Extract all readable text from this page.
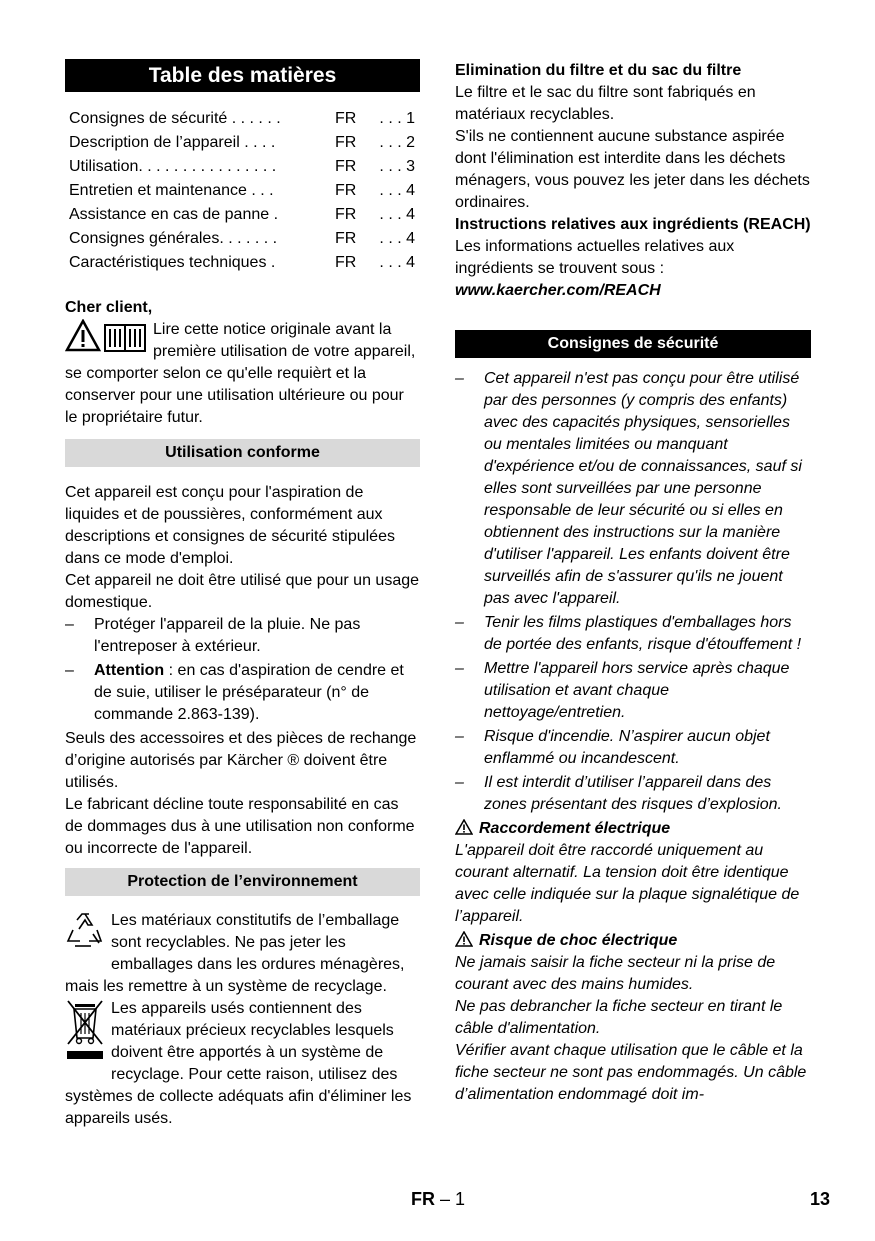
Table des matières
Consignes de sécurité . . . . . .	FR	. . . 1
Description de l’appareil . . . .	FR	. . . 2
Utilisation. . . . . . . . . . . . . . . .	FR	. . . 3
Entretien et maintenance . . .	FR	. . . 4
Assistance en cas de panne .	FR	. . . 4
Consignes générales. . . . . . .	FR	. . . 4
Caractéristiques techniques .	FR	. . . 4

Cher client,

Lire cette notice originale avant la première utilisation de votre appareil, se comporter selon ce qu'elle requièrt et la conserver pour une utilisation ultérieure ou pour le propriétaire futur.

Utilisation conforme

Cet appareil est conçu pour l'aspiration de liquides et de poussières, conformément aux descriptions et consignes de sécurité stipulées dans ce mode d'emploi.

Cet appareil ne doit être utilisé que pour un usage domestique.

– Protéger l'appareil de la pluie. Ne pas l'entreposer à extérieur.
– Attention : en cas d'aspiration de cendre et de suie, utiliser le préséparateur (n° de commande 2.863-139).

Seuls des accessoires et des pièces de rechange d’origine autorisés par Kärcher ® doivent être utilisés.

Le fabricant décline toute responsabilité en cas de dommages dus à une utilisation non conforme ou incorrecte de l'appareil.

Protection de l’environnement

Les matériaux constitutifs de l’emballage sont recyclables. Ne pas jeter les emballages dans les ordures ménagères, mais les remettre à un système de recyclage.

Les appareils usés contiennent des matériaux précieux recyclables lesquels doivent être apportés à un système de recyclage. Pour cette raison, utilisez des systèmes de collecte adéquats afin d'éliminer les appareils usés.

Elimination du filtre et du sac du filtre

Le filtre et le sac du filtre sont fabriqués en matériaux recyclables.

S'ils ne contiennent aucune substance aspirée dont l'élimination est interdite dans les déchets ménagers, vous pouvez les jeter dans les déchets ordinaires.

Instructions relatives aux ingrédients (REACH)

Les informations actuelles relatives aux ingrédients se trouvent sous :

www.kaercher.com/REACH

Consignes de sécurité
– Cet appareil n'est pas conçu pour être utilisé par des personnes (y compris des enfants) avec des capacités physiques, sensorielles ou mentales limitées ou manquant d'expérience et/ou de connaissances, sauf si elles sont surveillées par une personne responsable de leur sécurité ou si elles en obtiennent des instructions sur la manière d'utiliser l'appareil. Les enfants doivent être surveillés afin de s'assurer qu'ils ne jouent pas avec l'appareil.
– Tenir les films plastiques d'emballages hors de portée des enfants, risque d'étouffement !
– Mettre l'appareil hors service après chaque utilisation et avant chaque nettoyage/entretien.
– Risque d'incendie. N’aspirer aucun objet enflammé ou incandescent.
– Il est interdit d’utiliser l’appareil dans des zones présentant des risques d’explosion.

Raccordement électrique

L'appareil doit être raccordé uniquement au courant alternatif. La tension doit être identique avec celle indiquée sur la plaque signalétique de l’appareil.

Risque de choc électrique

Ne jamais saisir la fiche secteur ni la prise de courant avec des mains humides.

Ne pas debrancher la fiche secteur en tirant le câble d'alimentation.

Vérifier avant chaque utilisation que le câble et la fiche secteur ne sont pas endommagés. Un câble d’alimentation endommagé doit im-

FR – 1	13
